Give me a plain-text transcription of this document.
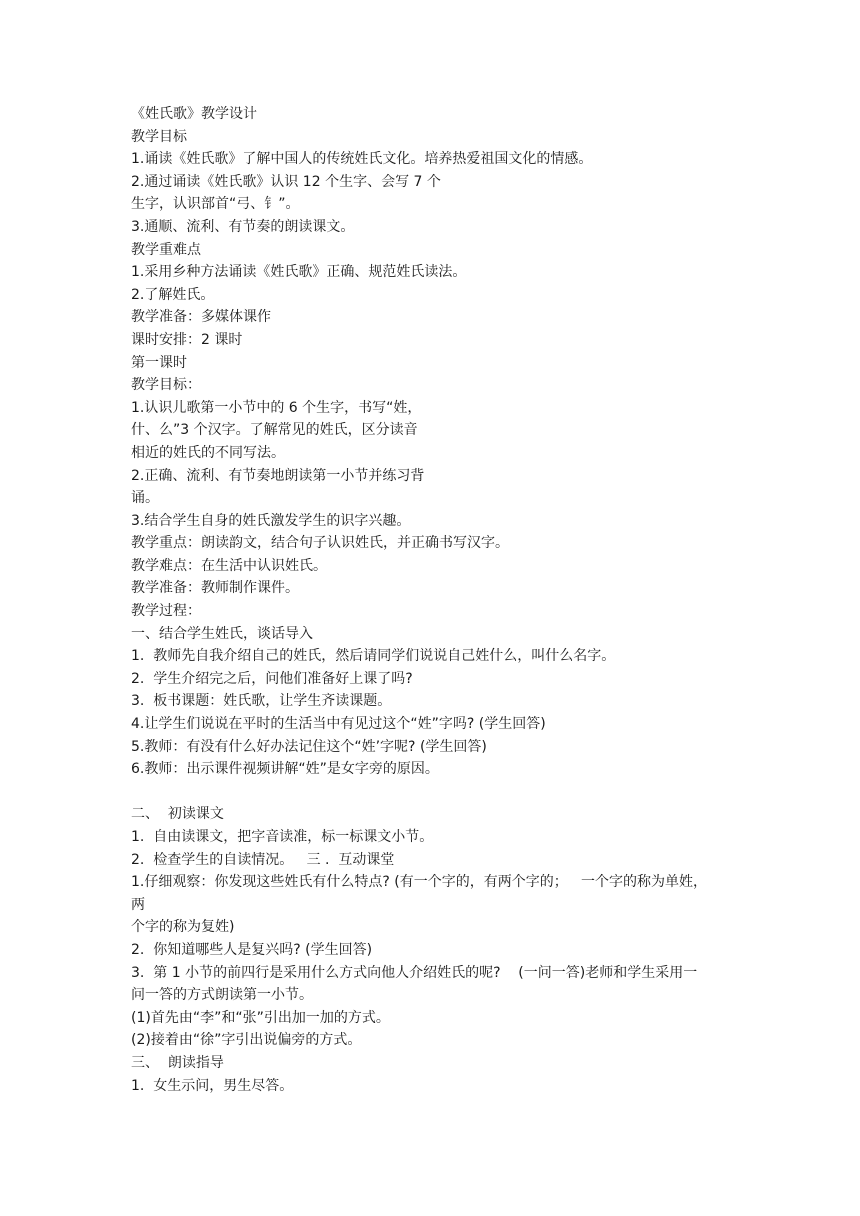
《姓氏歌》教学设计
教学目标
1.诵读《姓氏歌》了解中国人的传统姓氏文化。培养热爱祖国文化的情感。
2.通过诵读《姓氏歌》认识 12 个生字、会写 7 个
生字，认识部首“弓、钅”。
3.通顺、流利、有节奏的朗读课文。
教学重难点
1.采用乡种方法诵读《姓氏歌》正确、规范姓氏读法。
2.了解姓氏。
教学准备：多媒体课作
课时安排：2 课时
第一课时
教学目标：
1.认识儿歌第一小节中的 6 个生字，书写“姓，
什、么”3 个汉字。了解常见的姓氏，区分读音
相近的姓氏的不同写法。
2.正确、流利、有节奏地朗读第一小节并练习背
诵。
3.结合学生自身的姓氏激发学生的识字兴趣。
教学重点：朗读韵文，结合句子认识姓氏，并正确书写汉字。
教学难点：在生活中认识姓氏。
教学准备：教师制作课件。
教学过程：
一、结合学生姓氏，谈话导入
1.  教师先自我介绍自己的姓氏，然后请同学们说说自己姓什么，叫什么名字。
2.  学生介绍完之后，问他们准备好上课了吗?
3.  板书课题：姓氏歌，让学生齐读课题。
4.让学生们说说在平时的生活当中有见过这个“姓”字吗? (学生回答)
5.教师：有没有什么好办法记住这个“姓’字呢? (学生回答)
6.教师：出示课件视频讲解“姓”是女字旁的原因。
二、  初读课文
1.  自由读课文，把字音读准，标一标课文小节。
2.  检查学生的自读情况。   三 .  互动课堂
1.仔细观察：你发现这些姓氏有什么特点? (有一个字的，有两个字的；   一个字的称为单姓，
两
个字的称为复姓)
2.  你知道哪些人是复兴吗? (学生回答)
3.  第 1 小节的前四行是采用什么方式向他人介绍姓氏的呢?    (一问一答)老师和学生采用一
问一答的方式朗读第一小节。
(1)首先由“李”和“张”引出加一加的方式。
(2)接着由“徐”字引出说偏旁的方式。
三、  朗读指导
1.  女生示问，男生尽答。
